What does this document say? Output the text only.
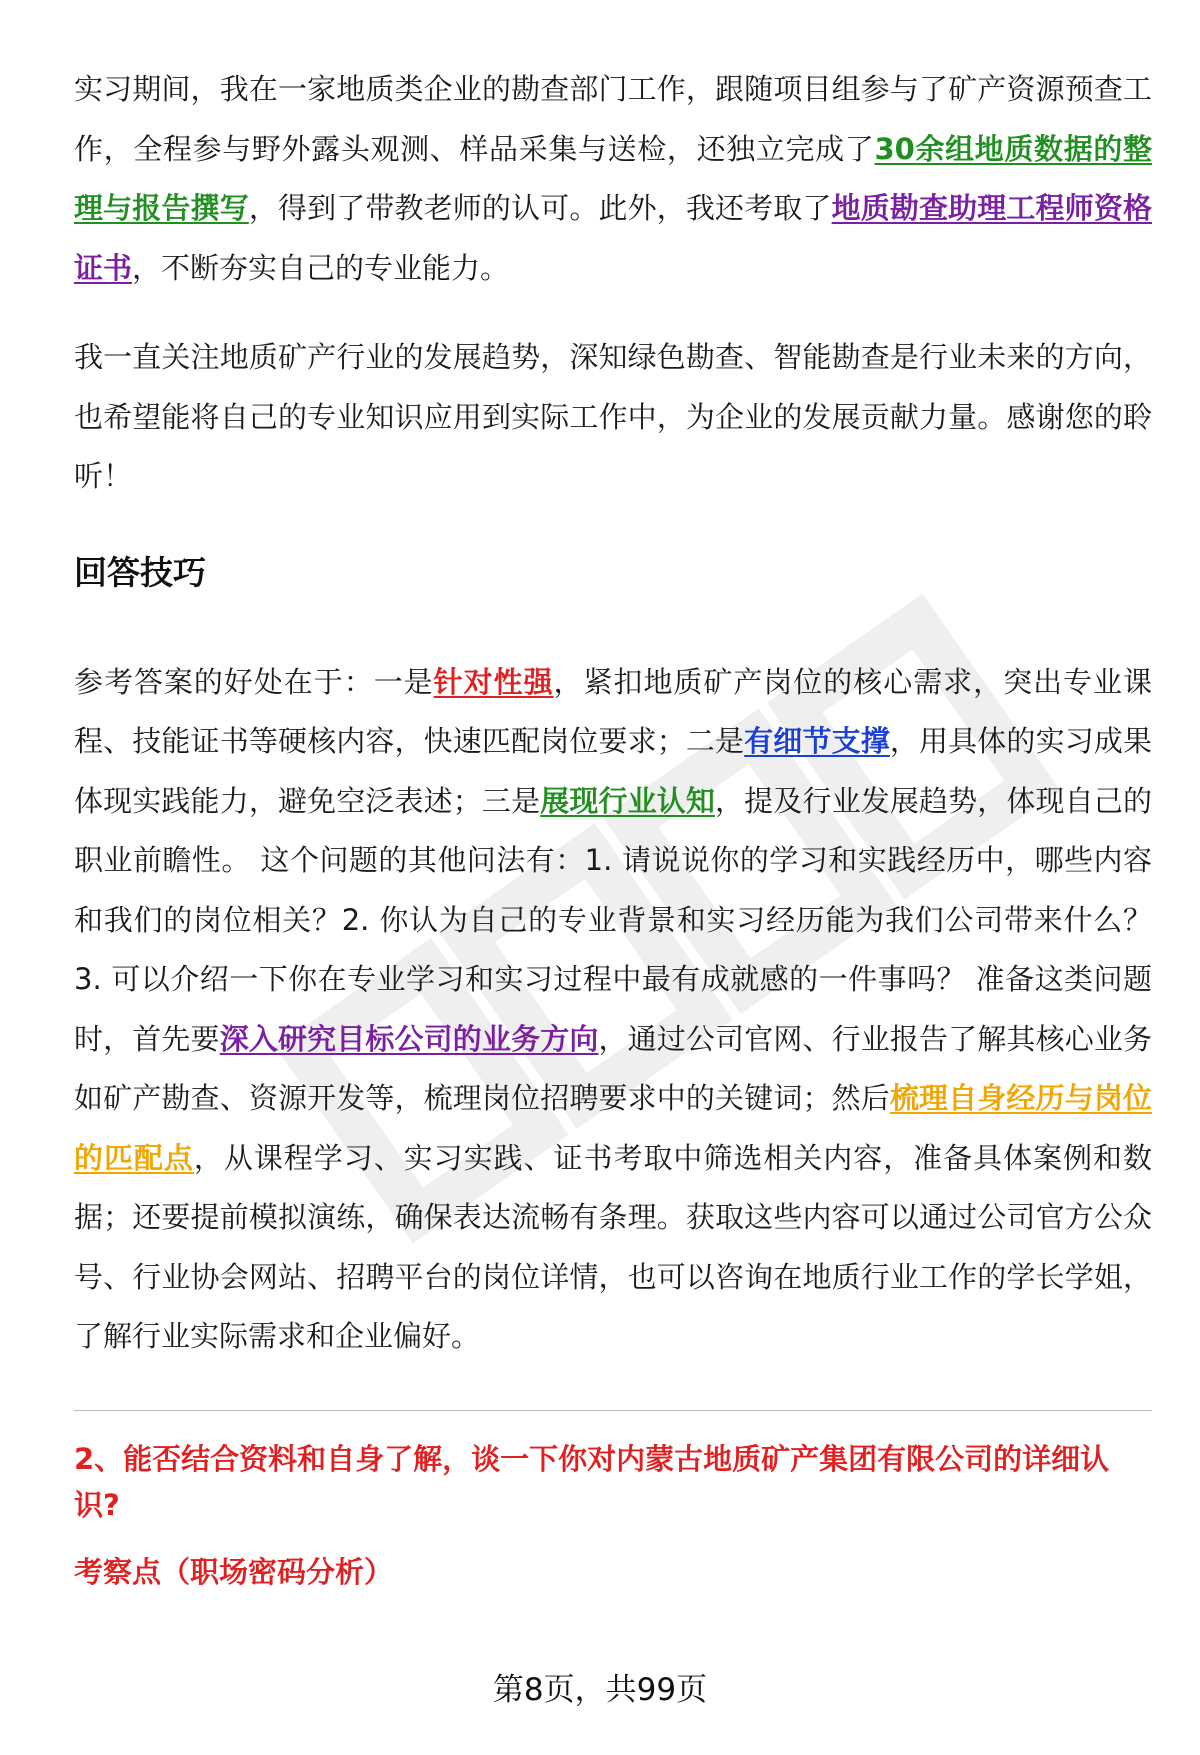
实习期间，我在一家地质类企业的勘查部门工作，跟随项目组参与了矿产资源预查工作，全程参与野外露头观测、样品采集与送检，还独立完成了30余组地质数据的整理与报告撰写，得到了带教老师的认可。此外，我还考取了地质勘查助理工程师资格证书，不断夯实自己的专业能力。

我一直关注地质矿产行业的发展趋势，深知绿色勘查、智能勘查是行业未来的方向，也希望能将自己的专业知识应用到实际工作中，为企业的发展贡献力量。感谢您的聆听！

回答技巧

参考答案的好处在于：一是针对性强，紧扣地质矿产岗位的核心需求，突出专业课程、技能证书等硬核内容，快速匹配岗位要求；二是有细节支撑，用具体的实习成果体现实践能力，避免空泛表述；三是展现行业认知，提及行业发展趋势，体现自己的职业前瞻性。 这个问题的其他问法有：1. 请说说你的学习和实践经历中，哪些内容和我们的岗位相关？2. 你认为自己的专业背景和实习经历能为我们公司带来什么？3. 可以介绍一下你在专业学习和实习过程中最有成就感的一件事吗？ 准备这类问题时，首先要深入研究目标公司的业务方向，通过公司官网、行业报告了解其核心业务如矿产勘查、资源开发等，梳理岗位招聘要求中的关键词；然后梳理自身经历与岗位的匹配点，从课程学习、实习实践、证书考取中筛选相关内容，准备具体案例和数据；还要提前模拟演练，确保表达流畅有条理。获取这些内容可以通过公司官方公众号、行业协会网站、招聘平台的岗位详情，也可以咨询在地质行业工作的学长学姐，了解行业实际需求和企业偏好。

2、能否结合资料和自身了解，谈一下你对内蒙古地质矿产集团有限公司的详细认识?

考察点（职场密码分析）

第8页，共99页
